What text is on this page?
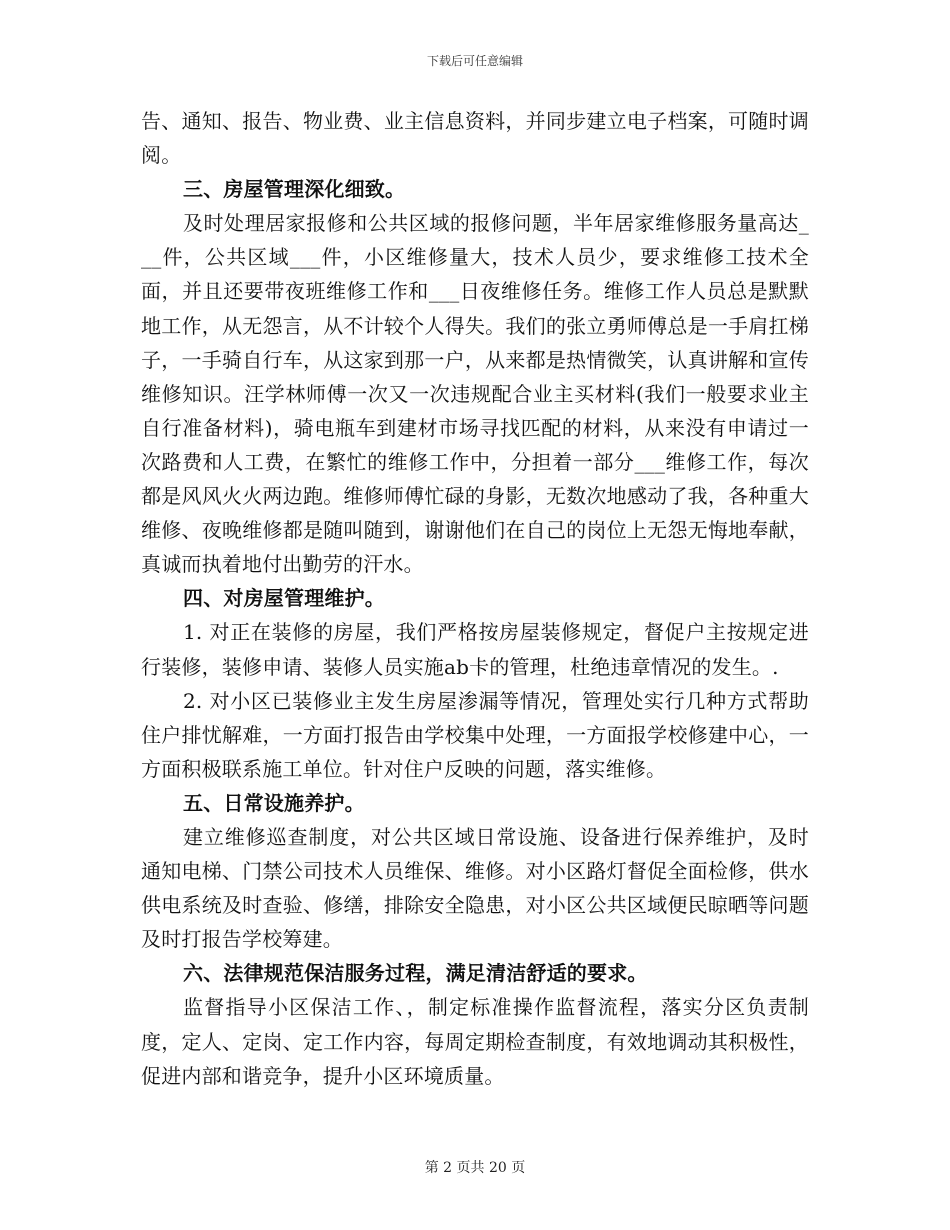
下载后可任意编辑

告、通知、报告、物业费、业主信息资料，并同步建立电子档案，可随时调阅。

三、房屋管理深化细致。

及时处理居家报修和公共区域的报修问题，半年居家维修服务量高达___件，公共区域___件，小区维修量大，技术人员少，要求维修工技术全面，并且还要带夜班维修工作和___日夜维修任务。维修工作人员总是默默地工作，从无怨言，从不计较个人得失。我们的张立勇师傅总是一手肩扛梯子，一手骑自行车，从这家到那一户，从来都是热情微笑，认真讲解和宣传维修知识。汪学林师傅一次又一次违规配合业主买材料(我们一般要求业主自行准备材料)，骑电瓶车到建材市场寻找匹配的材料，从来没有申请过一次路费和人工费，在繁忙的维修工作中，分担着一部分___维修工作，每次都是风风火火两边跑。维修师傅忙碌的身影，无数次地感动了我，各种重大维修、夜晚维修都是随叫随到，谢谢他们在自己的岗位上无怨无悔地奉献，真诚而执着地付出勤劳的汗水。

四、对房屋管理维护。

1. 对正在装修的房屋，我们严格按房屋装修规定，督促户主按规定进行装修，装修申请、装修人员实施ab卡的管理，杜绝违章情况的发生。.

2. 对小区已装修业主发生房屋渗漏等情况，管理处实行几种方式帮助住户排忧解难，一方面打报告由学校集中处理，一方面报学校修建中心，一方面积极联系施工单位。针对住户反映的问题，落实维修。

五、日常设施养护。

建立维修巡查制度，对公共区域日常设施、设备进行保养维护，及时通知电梯、门禁公司技术人员维保、维修。对小区路灯督促全面检修，供水供电系统及时查验、修缮，排除安全隐患，对小区公共区域便民晾晒等问题及时打报告学校筹建。

六、法律规范保洁服务过程，满足清洁舒适的要求。

监督指导小区保洁工作、，制定标准操作监督流程，落实分区负责制度，定人、定岗、定工作内容，每周定期检查制度，有效地调动其积极性，促进内部和谐竞争，提升小区环境质量。

第 2 页共 20 页
